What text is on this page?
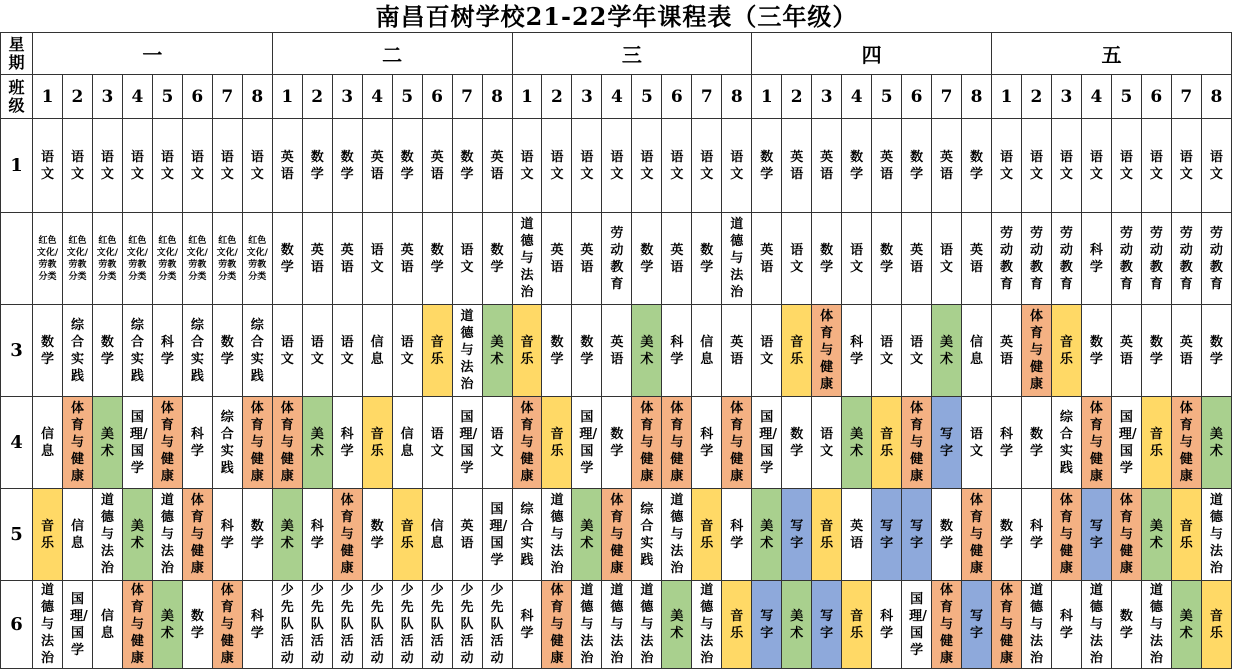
南昌百树学校21-22学年课程表（三年级）
星期	一								二								三								四								五							
班级	1	2	3	4	5	6	7	8	1	2	3	4	5	6	7	8	1	2	3	4	5	6	7	8	1	2	3	4	5	6	7	8	1	2	3	4	5	6	7	8
1	语文	语文	语文	语文	语文	语文	语文	语文	英语	数学	数学	英语	数学	英语	数学	英语	语文	语文	语文	语文	语文	语文	语文	语文	数学	英语	英语	数学	英语	数学	英语	数学	语文	语文	语文	语文	语文	语文	语文	语文
	红色文化/劳教分类	红色文化/劳教分类	红色文化/劳教分类	红色文化/劳教分类	红色文化/劳教分类	红色文化/劳教分类	红色文化/劳教分类	红色文化/劳教分类	数学	英语	英语	语文	英语	数学	语文	数学	道德与法治	英语	英语	劳动教育	数学	英语	数学	道德与法治	英语	语文	数学	语文	数学	英语	语文	英语	劳动教育	劳动教育	劳动教育	科学	劳动教育	劳动教育	劳动教育	劳动教育
3	数学	综合实践	数学	综合实践	科学	综合实践	数学	综合实践	语文	语文	语文	信息	语文	音乐	道德与法治	美术	音乐	数学	数学	英语	美术	科学	信息	英语	语文	音乐	体育与健康	科学	语文	语文	美术	信息	英语	体育与健康	音乐	数学	英语	数学	英语	数学
4	信息	体育与健康	美术	国理/国学	体育与健康	科学	综合实践	体育与健康	体育与健康	美术	科学	音乐	信息	语文	国理/国学	语文	体育与健康	音乐	国理/国学	数学	体育与健康	体育与健康	科学	体育与健康	国理/国学	数学	语文	美术	音乐	体育与健康	写字	语文	科学	数学	综合实践	体育与健康	国理/国学	音乐	体育与健康	美术
5	音乐	信息	道德与法治	美术	道德与法治	体育与健康	科学	数学	美术	科学	体育与健康	数学	音乐	信息	英语	国理/国学	综合实践	道德与法治	美术	体育与健康	综合实践	道德与法治	音乐	科学	美术	写字	音乐	英语	写字	写字	数学	体育与健康	数学	科学	体育与健康	写字	体育与健康	美术	音乐	道德与法治
6	道德与法治	国理/国学	信息	体育与健康	美术	数学	体育与健康	科学	少先队活动	少先队活动	少先队活动	少先队活动	少先队活动	少先队活动	少先队活动	少先队活动	科学	体育与健康	道德与法治	道德与法治	道德与法治	美术	道德与法治	音乐	写字	美术	写字	音乐	科学	国理/国学	体育与健康	写字	体育与健康	道德与法治	科学	道德与法治	数学	道德与法治	美术	音乐
